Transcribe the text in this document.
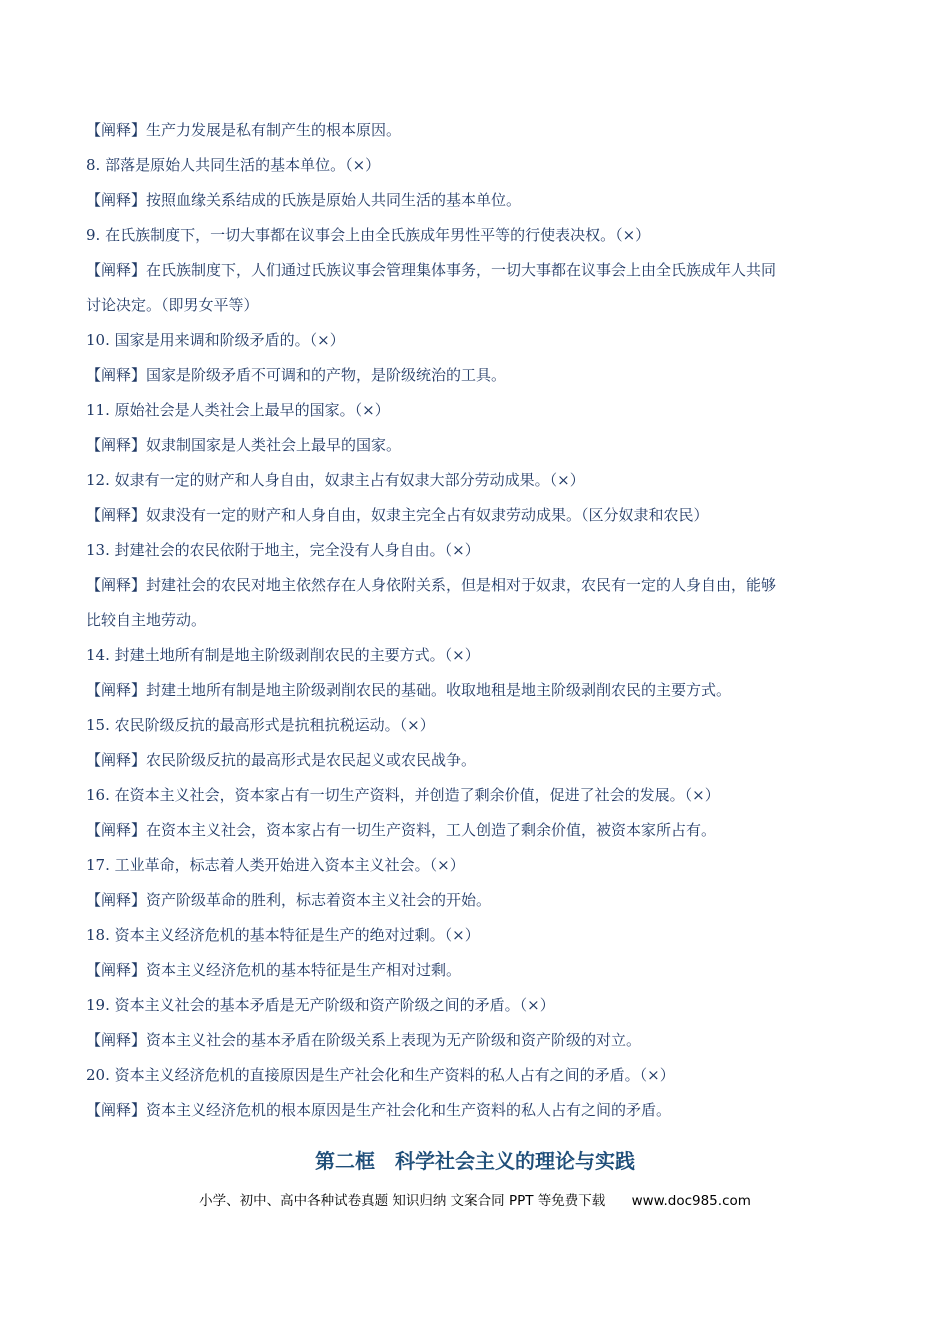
【阐释】生产力发展是私有制产生的根本原因。
8. 部落是原始人共同生活的基本单位。（×）
【阐释】按照血缘关系结成的氏族是原始人共同生活的基本单位。
9. 在氏族制度下，一切大事都在议事会上由全氏族成年男性平等的行使表决权。（×）
【阐释】在氏族制度下，人们通过氏族议事会管理集体事务，一切大事都在议事会上由全氏族成年人共同
讨论决定。（即男女平等）
10. 国家是用来调和阶级矛盾的。（×）
【阐释】国家是阶级矛盾不可调和的产物，是阶级统治的工具。
11. 原始社会是人类社会上最早的国家。（×）
【阐释】奴隶制国家是人类社会上最早的国家。
12. 奴隶有一定的财产和人身自由，奴隶主占有奴隶大部分劳动成果。（×）
【阐释】奴隶没有一定的财产和人身自由，奴隶主完全占有奴隶劳动成果。（区分奴隶和农民）
13. 封建社会的农民依附于地主，完全没有人身自由。（×）
【阐释】封建社会的农民对地主依然存在人身依附关系，但是相对于奴隶，农民有一定的人身自由，能够
比较自主地劳动。
14. 封建土地所有制是地主阶级剥削农民的主要方式。（×）
【阐释】封建土地所有制是地主阶级剥削农民的基础。收取地租是地主阶级剥削农民的主要方式。
15. 农民阶级反抗的最高形式是抗租抗税运动。（×）
【阐释】农民阶级反抗的最高形式是农民起义或农民战争。
16. 在资本主义社会，资本家占有一切生产资料，并创造了剩余价值，促进了社会的发展。（×）
【阐释】在资本主义社会，资本家占有一切生产资料，工人创造了剩余价值，被资本家所占有。
17. 工业革命，标志着人类开始进入资本主义社会。（×）
【阐释】资产阶级革命的胜利，标志着资本主义社会的开始。
18. 资本主义经济危机的基本特征是生产的绝对过剩。（×）
【阐释】资本主义经济危机的基本特征是生产相对过剩。
19. 资本主义社会的基本矛盾是无产阶级和资产阶级之间的矛盾。（×）
【阐释】资本主义社会的基本矛盾在阶级关系上表现为无产阶级和资产阶级的对立。
20. 资本主义经济危机的直接原因是生产社会化和生产资料的私人占有之间的矛盾。（×）
【阐释】资本主义经济危机的根本原因是生产社会化和生产资料的私人占有之间的矛盾。
第二框　科学社会主义的理论与实践
小学、初中、高中各种试卷真题 知识归纳 文案合同 PPT 等免费下载 www.doc985.com
